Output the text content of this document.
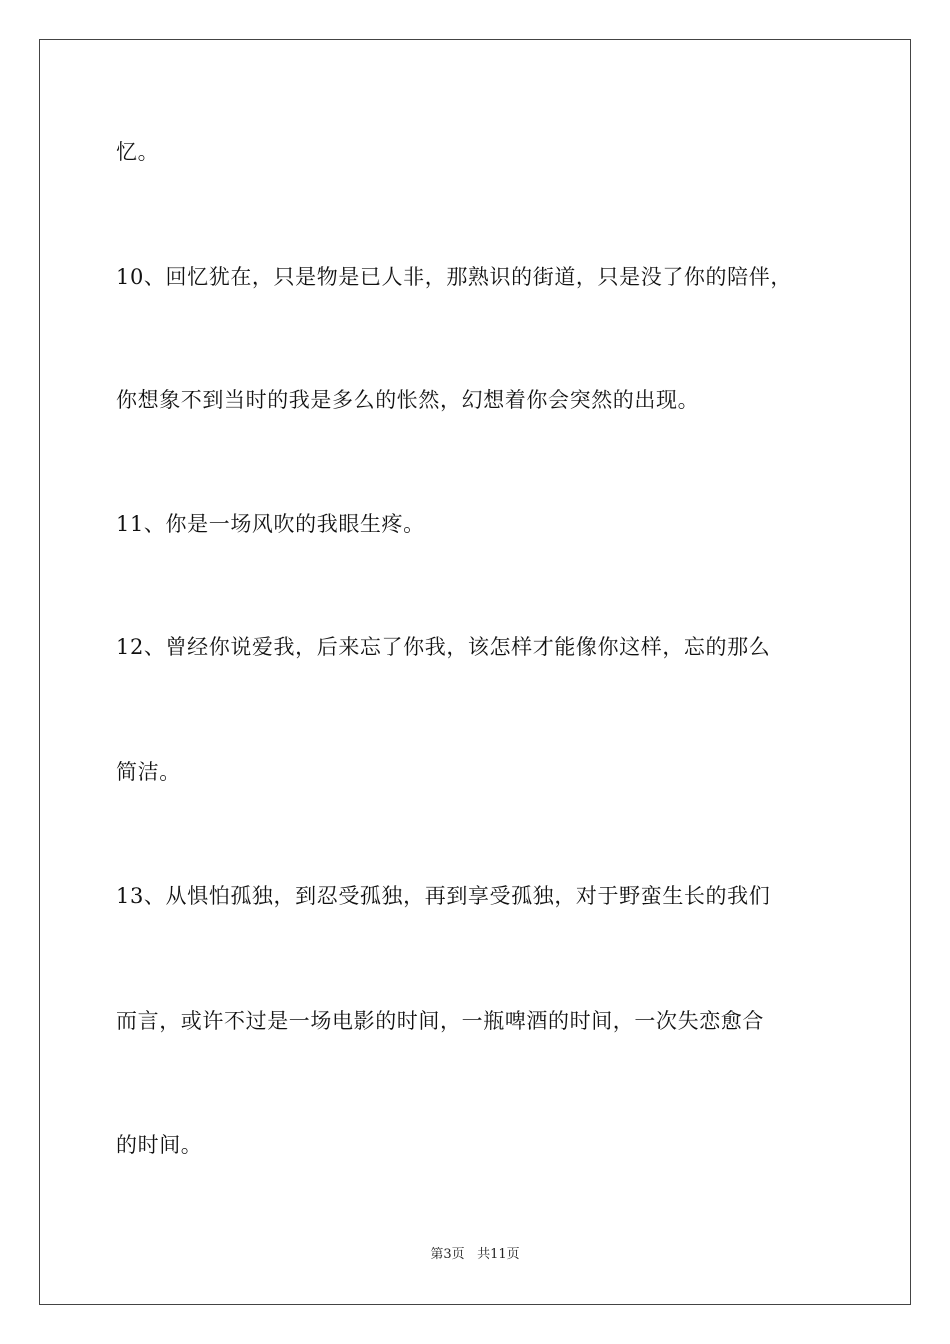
忆。
10、回忆犹在，只是物是已人非，那熟识的街道，只是没了你的陪伴，
你想象不到当时的我是多么的怅然，幻想着你会突然的出现。
11、你是一场风吹的我眼生疼。
12、曾经你说爱我，后来忘了你我，该怎样才能像你这样，忘的那么
简洁。
13、从惧怕孤独，到忍受孤独，再到享受孤独，对于野蛮生长的我们
而言，或许不过是一场电影的时间，一瓶啤酒的时间，一次失恋愈合
的时间。
第3页 共11页
